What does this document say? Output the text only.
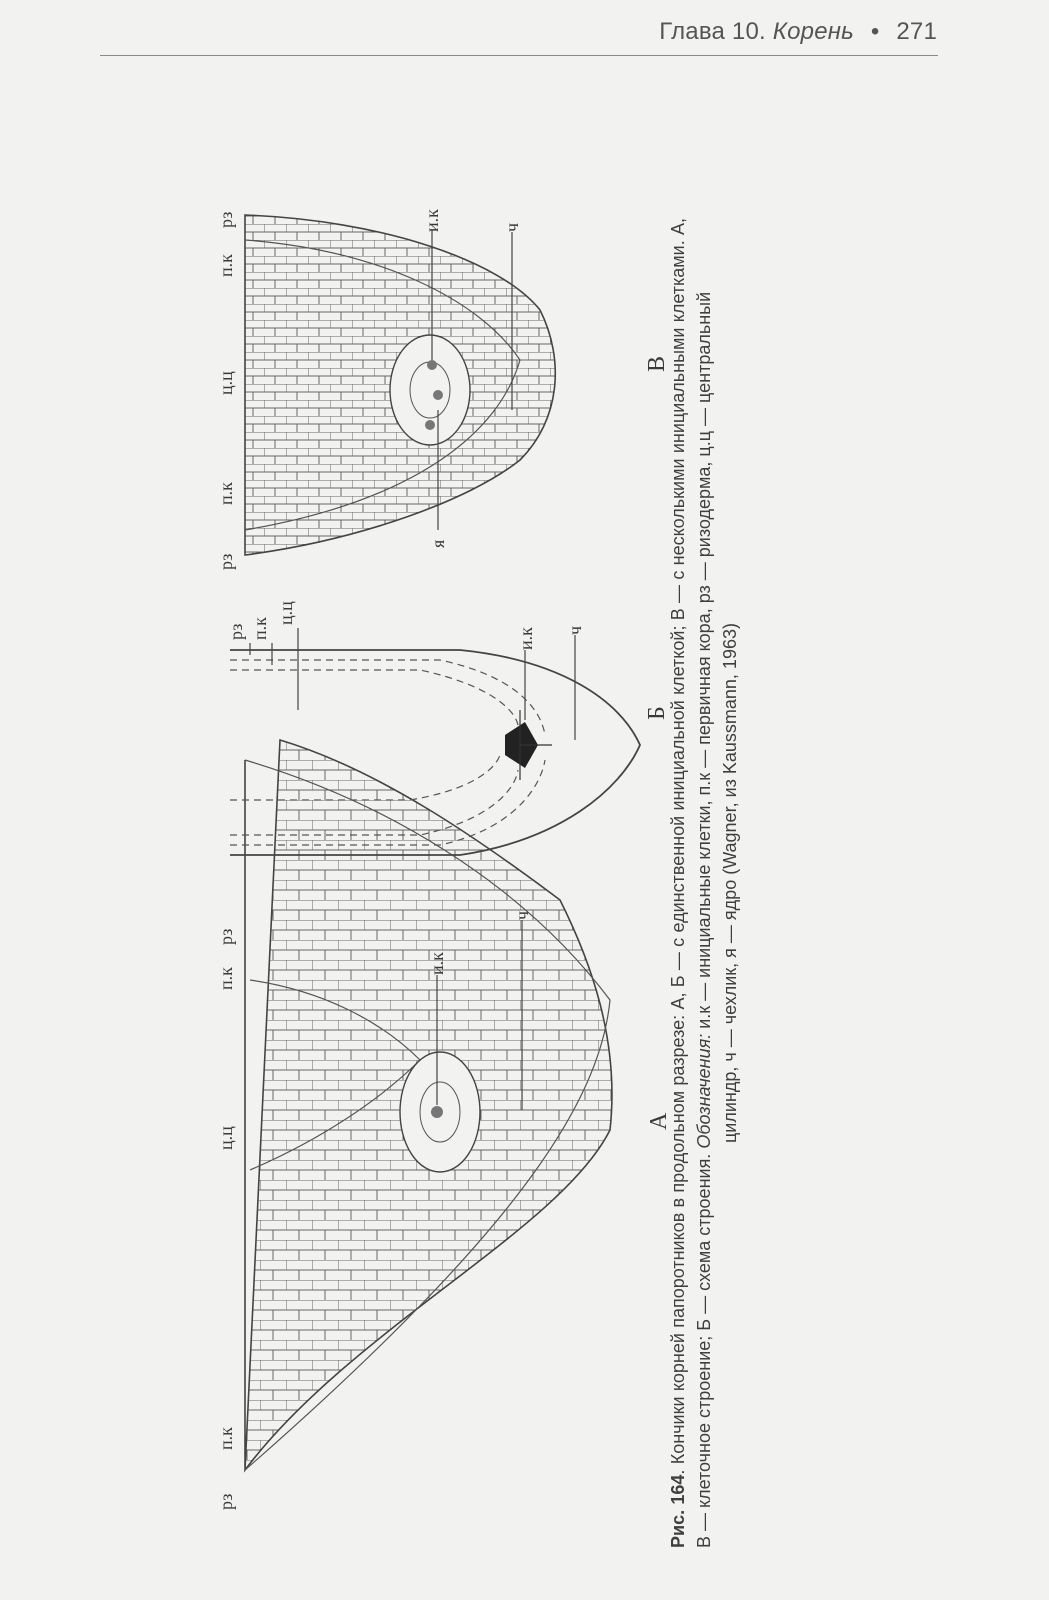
Глава 10. Корень • 271
рз
п.к
ц.ц
п.к
рз
и.к
ч
А
рз п.к
ц.ц
и.к ч
Б
рз
п.к
ц.ц
п.к
рз
я
и.к	ч
В
Рис. 164. Кончики корней папоротников в продольном разрезе: А, Б — с единственной инициальной клеткой; В — с несколькими инициальными клетками. А, В — клеточное строение; Б — схема строения. Обозначения: и.к — инициальные клетки, п.к — первичная кора, рз — ризодерма, ц.ц — центральный цилиндр, ч — чехлик, я — ядро (Wagner, из Kaussmann, 1963)
